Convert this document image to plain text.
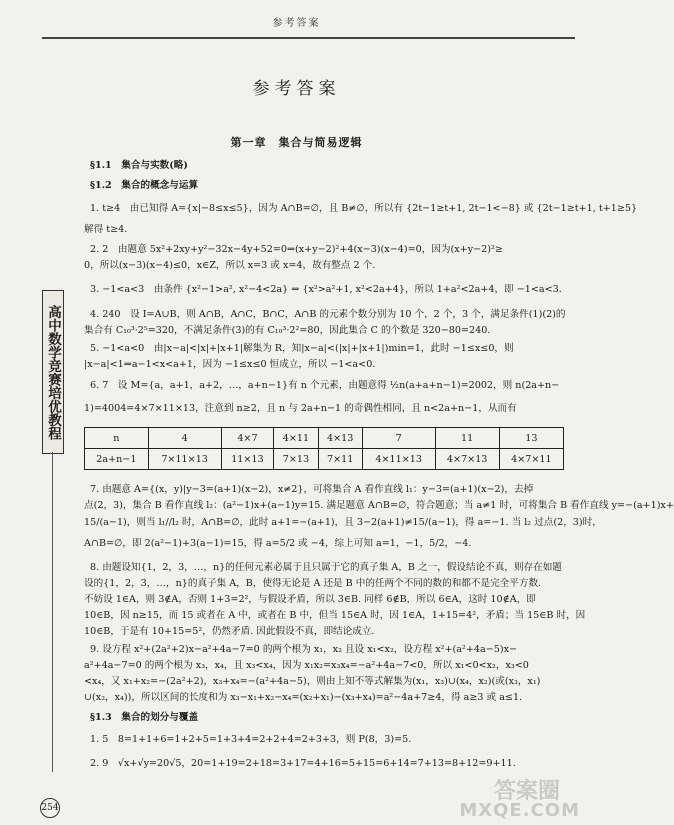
参考答案
参考答案
第一章　集合与简易逻辑
高中数学竞赛培优教程
254
n	4	4×7	4×11	4×13	7	11	13
2a+n−1	7×11×13	11×13	7×13	7×11	4×11×13	4×7×13	4×7×11
§1.1　集合与实数(略)
§1.2　集合的概念与运算
1. t≥4　由已知得 A={x|−8≤x≤5}，因为 A∩B=∅，且 B≠∅，所以有 {2t−1≥t+1, 2t−1<−8} 或 {2t−1≥t+1, t+1≥5}
解得 t≥4.
2. 2　由题意 5x²+2xy+y²−32x−4y+52=0⇒(x+y−2)²+4(x−3)(x−4)=0，因为(x+y−2)²≥
0，所以(x−3)(x−4)≤0，x∈Z，所以 x=3 或 x=4，故有整点 2 个.
3. −1<a<3　由条件 {x²−1>a², x²−4<2a} ⇒ {x²>a²+1, x²<2a+4}，所以 1+a²<2a+4，即 −1<a<3.
4. 240　设 I=A∪B，则 A∩B，A∩C，B∩C，A∩B 的元素个数分别为 10 个，2 个，3 个，满足条件(1)(2)的
集合有 C₁₀³·2⁵=320，不满足条件(3)的有 C₁₀³·2²=80，因此集合 C 的个数是 320−80=240.
5. −1<a<0　由|x−a|<|x|+|x+1|解集为 R，知|x−a|<(|x|+|x+1|)min=1，此时 −1≤x≤0，则
|x−a|<1⇒a−1<x<a+1，因为 −1≤x≤0 恒成立，所以 −1<a<0.
6. 7　设 M={a，a+1，a+2，…，a+n−1}有 n 个元素，由题意得 ½n(a+a+n−1)=2002，则 n(2a+n−
1)=4004=4×7×11×13，注意到 n≥2，且 n 与 2a+n−1 的奇偶性相同，且 n<2a+n−1，从而有
7. 由题意 A={(x，y)|y−3=(a+1)(x−2)，x≠2}，可将集合 A 看作直线 l₁：y−3=(a+1)(x−2)，去掉
点(2，3)，集合 B 看作直线 l₂：(a²−1)x+(a−1)y=15. 满足题意 A∩B=∅，符合题意；当 a≠1 时，可将集合 B 看作直线 y=−(a+1)x+
15/(a−1)，则当 l₁//l₂ 时，A∩B=∅，此时 a+1=−(a+1)，且 3−2(a+1)≠15/(a−1)，得 a=−1. 当 l₂ 过点(2，3)时，
A∩B=∅，即 2(a²−1)+3(a−1)=15，得 a=5/2 或 −4，综上可知 a=1，−1，5/2，−4.
8. 由题设知{1，2，3，…，n}的任何元素必属于且只属于它的真子集 A，B 之一，假设结论不真，则存在如题
设的{1，2，3，…，n}的真子集 A，B，使得无论是 A 还是 B 中的任两个不同的数的和都不是完全平方数.
不妨设 1∈A，则 3∉A，否则 1+3=2²，与假设矛盾，所以 3∈B. 同样 6∉B，所以 6∈A，这时 10∉A，即
10∈B，因 n≥15，而 15 或者在 A 中，或者在 B 中，但当 15∈A 时，因 1∈A，1+15=4²，矛盾；当 15∈B 时，因
10∈B，于是有 10+15=5²，仍然矛盾. 因此假设不真，即结论成立.
9. 设方程 x²+(2a²+2)x−a²+4a−7=0 的两个根为 x₁，x₂ 且设 x₁<x₂，设方程 x²+(a²+4a−5)x−
a²+4a−7=0 的两个根为 x₃，x₄，且 x₃<x₄，因为 x₁x₂=x₃x₄=−a²+4a−7<0，所以 x₁<0<x₂，x₃<0
<x₄，又 x₁+x₂=−(2a²+2)，x₃+x₄=−(a²+4a−5)，则由上知不等式解集为(x₁，x₃)∪(x₄，x₂)(或(x₃，x₁)
∪(x₂，x₄))，所以区间的长度和为 x₃−x₁+x₂−x₄=(x₂+x₁)−(x₃+x₄)=a²−4a+7≥4，得 a≥3 或 a≤1.
§1.3　集合的划分与覆盖
1. 5　8=1+1+6=1+2+5=1+3+4=2+2+4=2+3+3，则 P(8，3)=5.
2. 9　√x+√y=20√5，20=1+19=2+18=3+17=4+16=5+15=6+14=7+13=8+12=9+11.
答案圈
MXQE.COM
